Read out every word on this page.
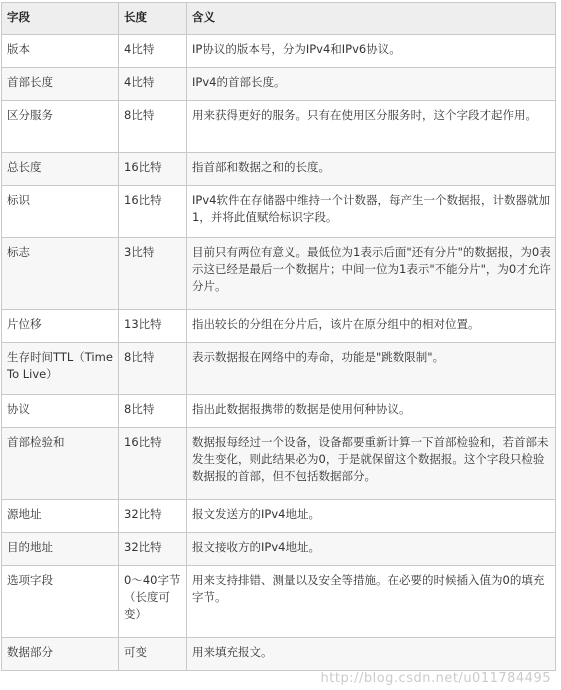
字段	长度	含义
版本	4比特	IP协议的版本号，分为IPv4和IPv6协议。
首部长度	4比特	IPv4的首部长度。
区分服务	8比特	用来获得更好的服务。只有在使用区分服务时，这个字段才起作用。
总长度	16比特	指首部和数据之和的长度。
标识	16比特	IPv4软件在存储器中维持一个计数器，每产生一个数据报，计数器就加1，并将此值赋给标识字段。
标志	3比特	目前只有两位有意义。最低位为1表示后面"还有分片"的数据报，为0表示这已经是最后一个数据片；中间一位为1表示"不能分片"，为0才允许分片。
片位移	13比特	指出较长的分组在分片后，该片在原分组中的相对位置。
生存时间TTL（Time To Live）	8比特	表示数据报在网络中的寿命，功能是"跳数限制"。
协议	8比特	指出此数据报携带的数据是使用何种协议。
首部检验和	16比特	数据报每经过一个设备，设备都要重新计算一下首部检验和，若首部未发生变化，则此结果必为0，于是就保留这个数据报。这个字段只检验数据报的首部，但不包括数据部分。
源地址	32比特	报文发送方的IPv4地址。
目的地址	32比特	报文接收方的IPv4地址。
选项字段	0～40字节（长度可变）	用来支持排错、测量以及安全等措施。在必要的时候插入值为0的填充字节。
数据部分	可变	用来填充报文。
http://blog.csdn.net/u011784495
